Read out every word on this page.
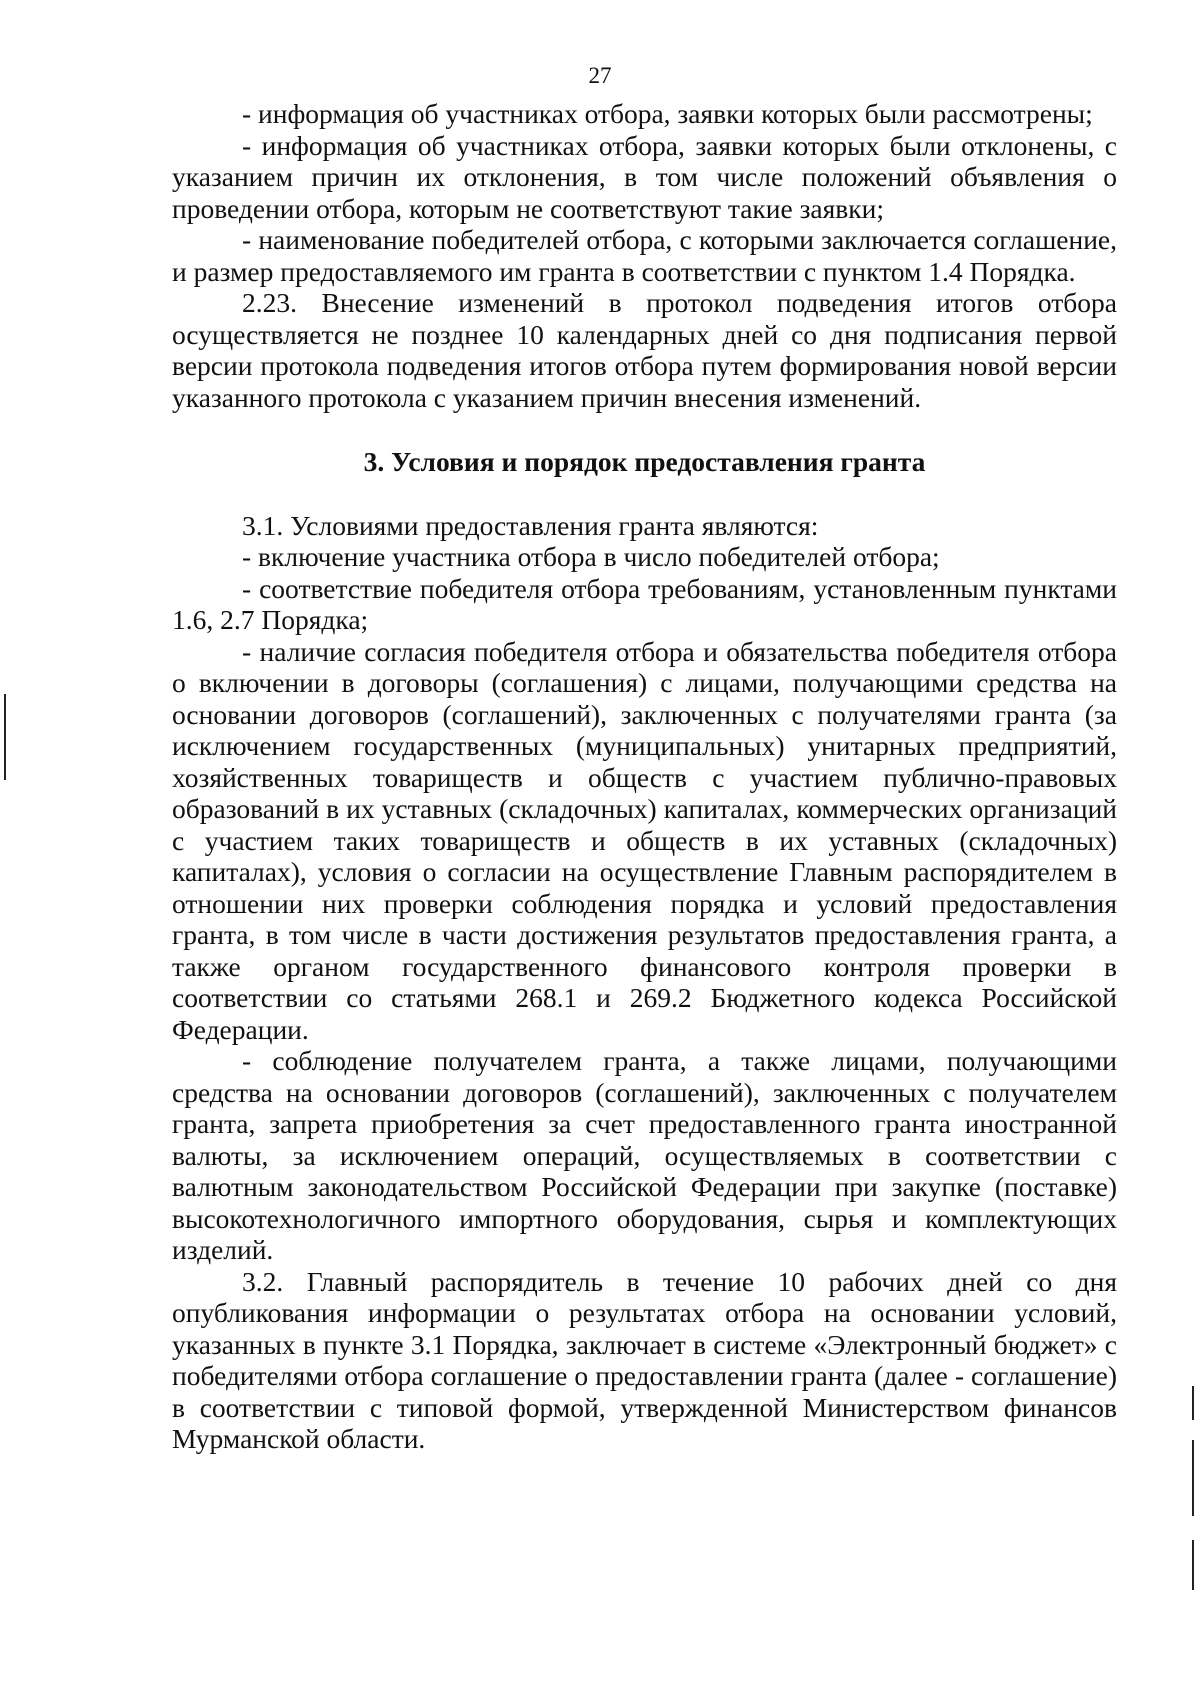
27

- информация об участниках отбора, заявки которых были рассмотрены;

- информация об участниках отбора, заявки которых были отклонены, с указанием причин их отклонения, в том числе положений объявления о проведении отбора, которым не соответствуют такие заявки;

- наименование победителей отбора, с которыми заключается соглашение, и размер предоставляемого им гранта в соответствии с пунктом 1.4 Порядка.

2.23. Внесение изменений в протокол подведения итогов отбора осуществляется не позднее 10 календарных дней со дня подписания первой версии протокола подведения итогов отбора путем формирования новой версии указанного протокола с указанием причин внесения изменений.

3. Условия и порядок предоставления гранта

3.1. Условиями предоставления гранта являются:

- включение участника отбора в число победителей отбора;

- соответствие победителя отбора требованиям, установленным пунктами 1.6, 2.7 Порядка;

- наличие согласия победителя отбора и обязательства победителя отбора о включении в договоры (соглашения) с лицами, получающими средства на основании договоров (соглашений), заключенных с получателями гранта (за исключением государственных (муниципальных) унитарных предприятий, хозяйственных товариществ и обществ с участием публично-правовых образований в их уставных (складочных) капиталах, коммерческих организаций с участием таких товариществ и обществ в их уставных (складочных) капиталах), условия о согласии на осуществление Главным распорядителем в отношении них проверки соблюдения порядка и условий предоставления гранта, в том числе в части достижения результатов предоставления гранта, а также органом государственного финансового контроля проверки в соответствии со статьями 268.1 и 269.2 Бюджетного кодекса Российской Федерации.

- соблюдение получателем гранта, а также лицами, получающими средства на основании договоров (соглашений), заключенных с получателем гранта, запрета приобретения за счет предоставленного гранта иностранной валюты, за исключением операций, осуществляемых в соответствии с валютным законодательством Российской Федерации при закупке (поставке) высокотехнологичного импортного оборудования, сырья и комплектующих изделий.

3.2. Главный распорядитель в течение 10 рабочих дней со дня опубликования информации о результатах отбора на основании условий, указанных в пункте 3.1 Порядка, заключает в системе «Электронный бюджет» с победителями отбора соглашение о предоставлении гранта (далее - соглашение) в соответствии с типовой формой, утвержденной Министерством финансов Мурманской области.
